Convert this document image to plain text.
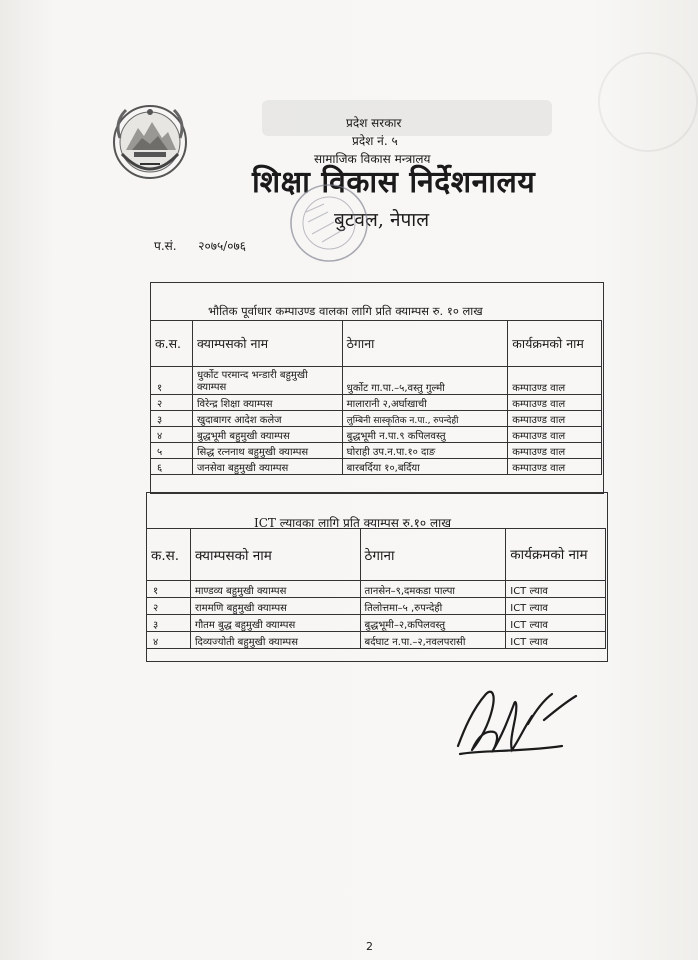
प्रदेश सरकार
प्रदेश नं. ५
सामाजिक विकास मन्त्रालय
शिक्षा विकास निर्देशनालय
बुटवल, नेपाल
प.सं. २०७५/०७६
भौतिक पूर्वाधार कम्पाउण्ड वालका लागि प्रति क्याम्पस रु. १० लाख
क.स.	क्याम्पसको नाम	ठेगाना	कार्यक्रमको नाम
१	धुर्कोट परमान्द भन्डारी बहुमुखी क्याम्पस	धुर्कोट गा.पा.–५,वस्तु गुल्मी	कम्पाउण्ड वाल
२	विरेन्द्र शिक्षा क्याम्पस	मालारानी २,अर्घाखाची	कम्पाउण्ड वाल
३	खुदाबागर आदेश कलेज	लुम्बिनी सास्कृतिक न.पा., रुपन्देही	कम्पाउण्ड वाल
४	बुद्धभूमी बहुमुखी क्याम्पस	बुद्धभूमी न.पा.९ कपिलवस्तु	कम्पाउण्ड वाल
५	सिद्ध रत्ननाथ बहुमुखी क्याम्पस	घोराही उप.न.पा.१० दाङ	कम्पाउण्ड वाल
६	जनसेवा बहुमुखी क्याम्पस	बारबर्दिया १०,बर्दिया	कम्पाउण्ड वाल
ICT ल्यावका लागि प्रति क्याम्पस रु.१० लाख
क.स.	क्याम्पसको नाम	ठेगाना	कार्यक्रमको नाम
१	माण्डव्य बहुमुखी क्याम्पस	तानसेन–९,दमकडा पाल्पा	ICT ल्याव
२	राममणि बहुमुखी क्याम्पस	तिलोत्तमा–५ ,रुपन्देही	ICT ल्याव
३	गौतम बुद्ध बहुमुखी क्याम्पस	बुद्धभूमी–२,कपिलवस्तु	ICT ल्याव
४	दिव्यज्योती बहुमुखी क्याम्पस	बर्दघाट न.पा.–२,नवलपरासी	ICT ल्याव
2
